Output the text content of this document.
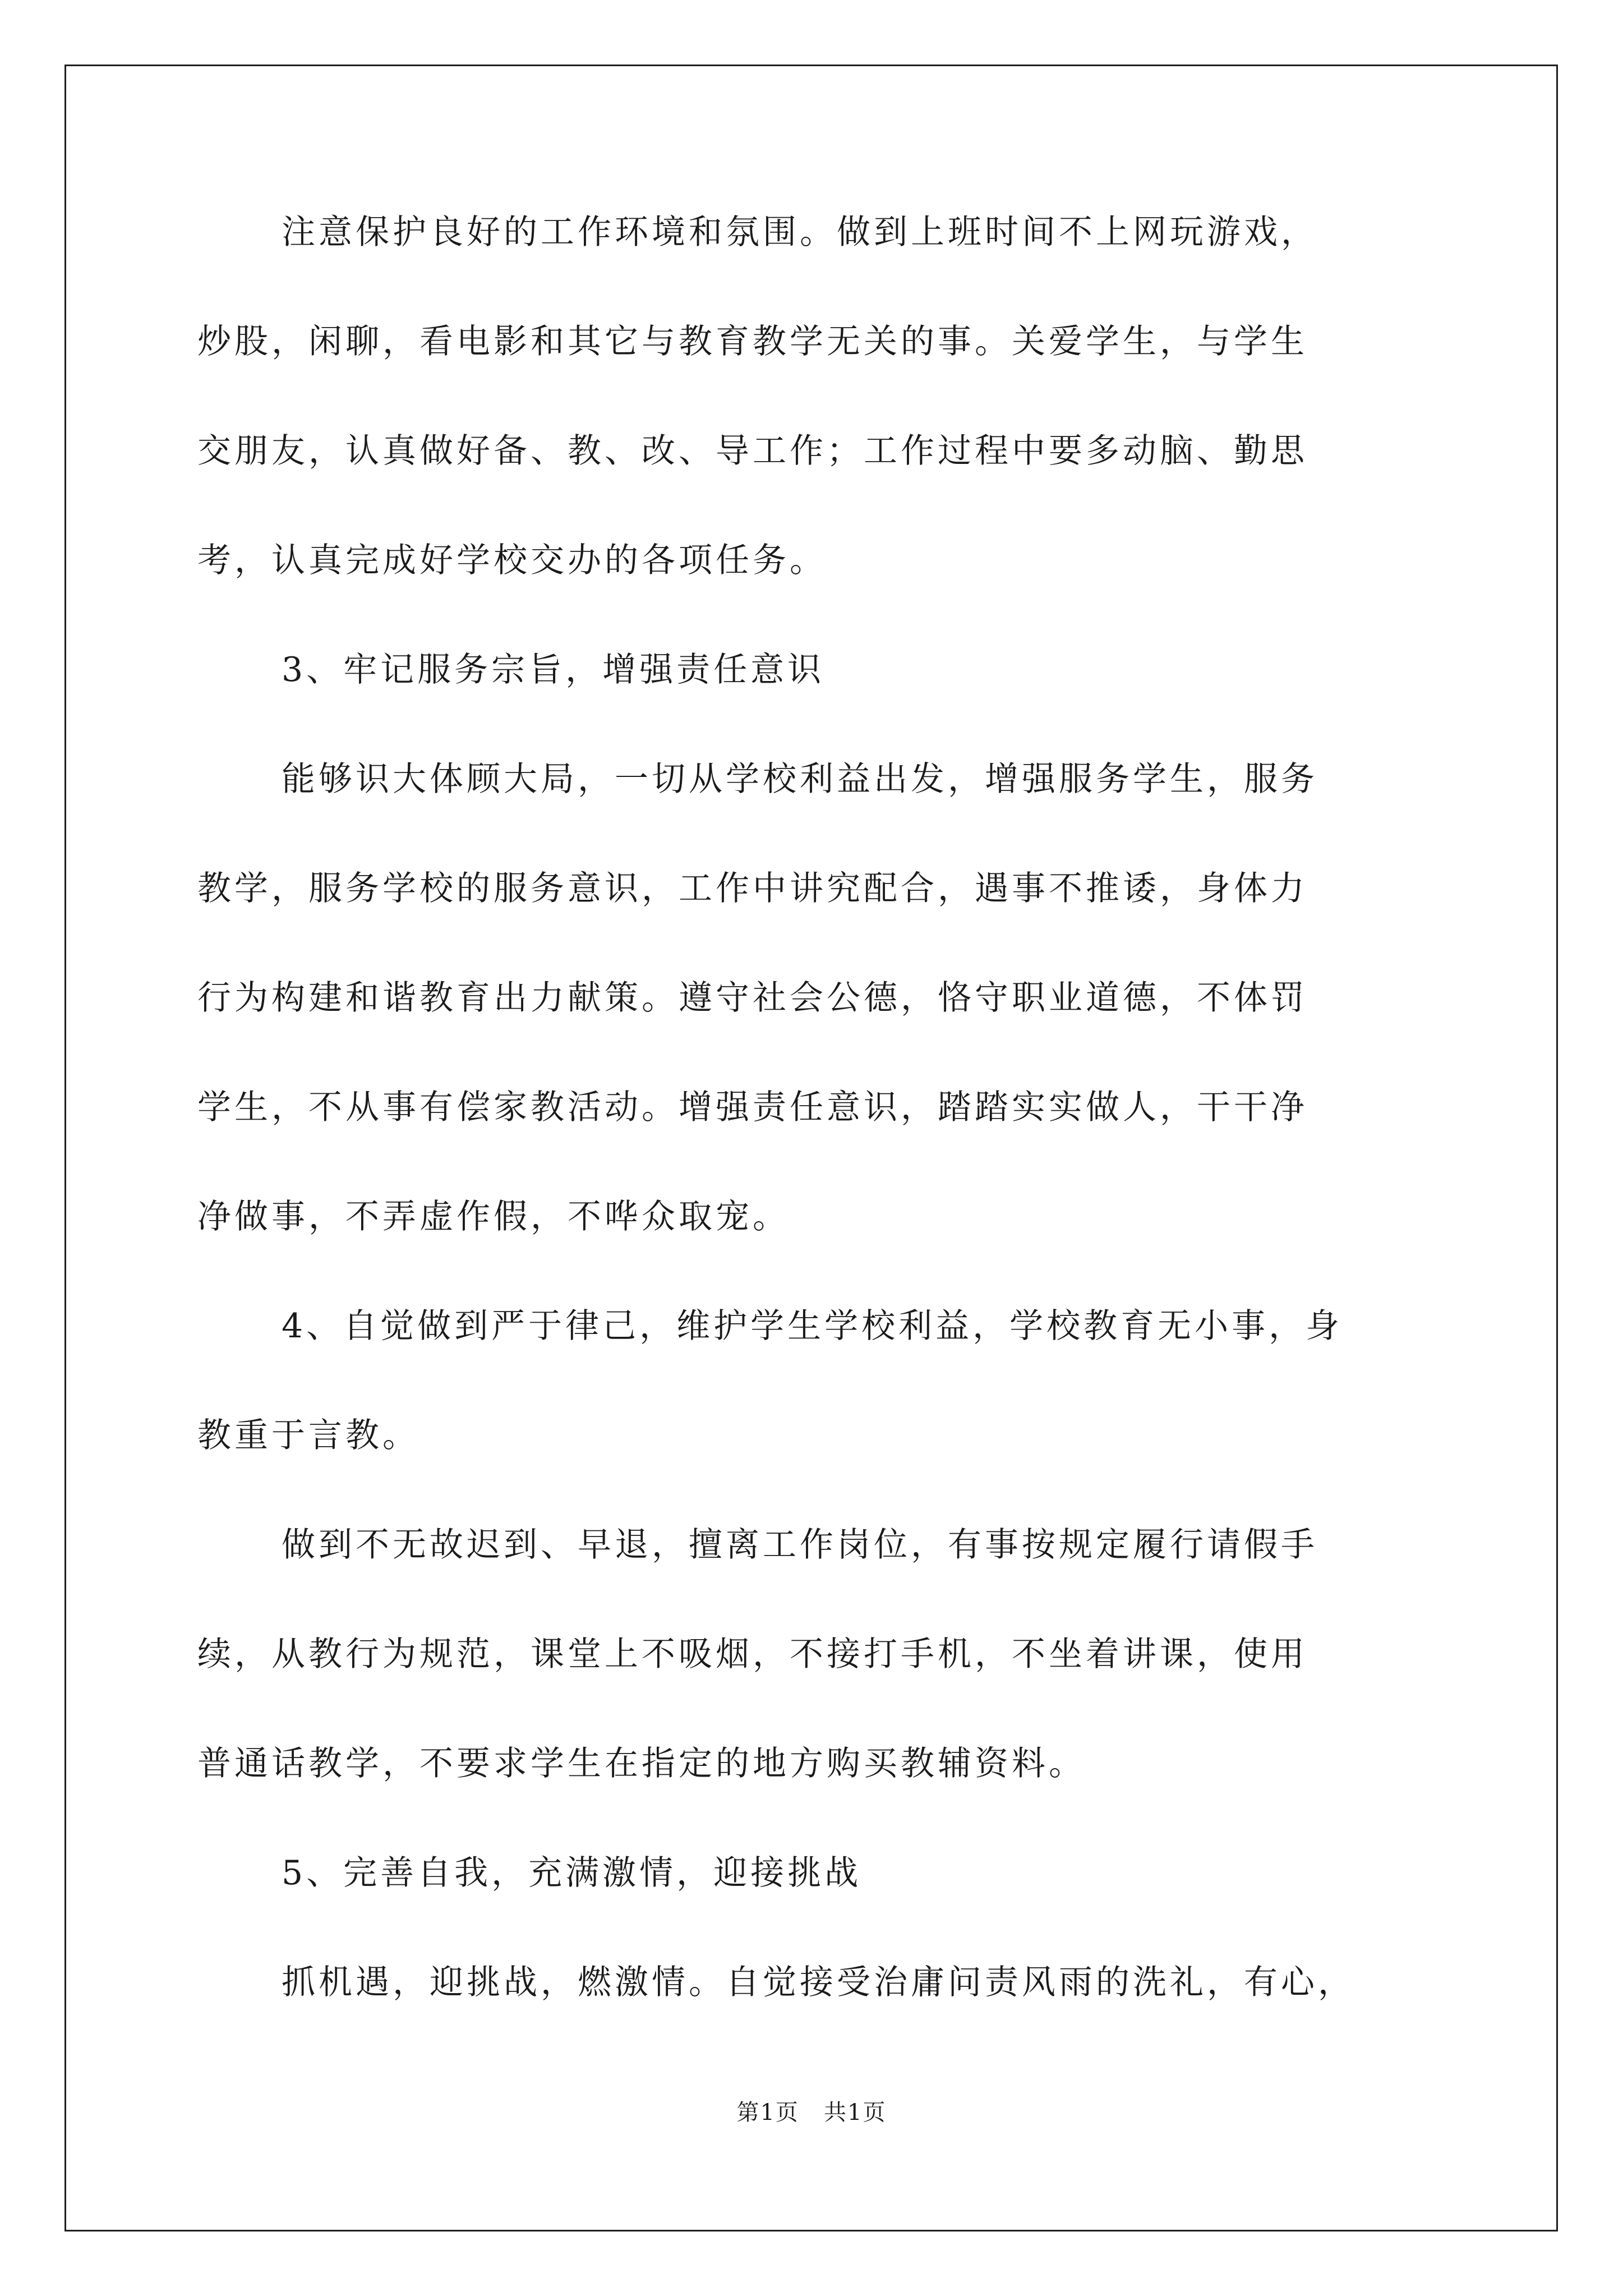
注意保护良好的工作环境和氛围。做到上班时间不上网玩游戏，
炒股，闲聊，看电影和其它与教育教学无关的事。关爱学生，与学生
交朋友，认真做好备、教、改、导工作；工作过程中要多动脑、勤思
考，认真完成好学校交办的各项任务。
3、牢记服务宗旨，增强责任意识
能够识大体顾大局，一切从学校利益出发，增强服务学生，服务
教学，服务学校的服务意识，工作中讲究配合，遇事不推诿，身体力
行为构建和谐教育出力献策。遵守社会公德，恪守职业道德，不体罚
学生，不从事有偿家教活动。增强责任意识，踏踏实实做人，干干净
净做事，不弄虚作假，不哗众取宠。
4、自觉做到严于律己，维护学生学校利益，学校教育无小事，身
教重于言教。
做到不无故迟到、早退，擅离工作岗位，有事按规定履行请假手
续，从教行为规范，课堂上不吸烟，不接打手机，不坐着讲课，使用
普通话教学，不要求学生在指定的地方购买教辅资料。
5、完善自我，充满激情，迎接挑战
抓机遇，迎挑战，燃激情。自觉接受治庸问责风雨的洗礼，有心，
第1页   共1页
